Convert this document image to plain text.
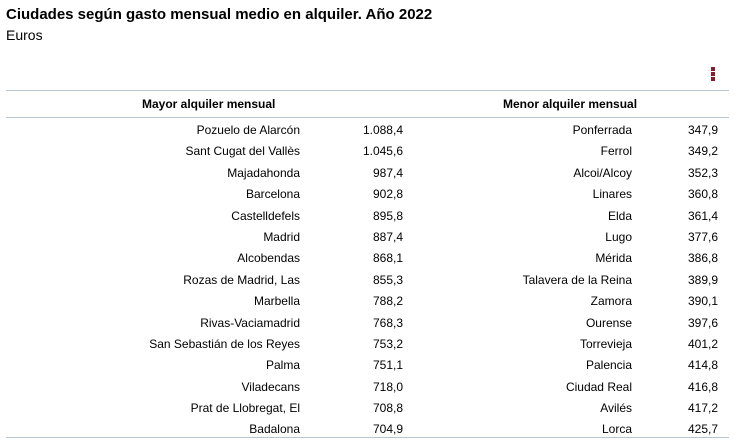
Ciudades según gasto mensual medio en alquiler. Año 2022
Euros
Mayor alquiler mensual	Menor alquiler mensual
Pozuelo de Alarcón	1.088,4	Ponferrada	347,9
Sant Cugat del Vallès	1.045,6	Ferrol	349,2
Majadahonda	987,4	Alcoi/Alcoy	352,3
Barcelona	902,8	Linares	360,8
Castelldefels	895,8	Elda	361,4
Madrid	887,4	Lugo	377,6
Alcobendas	868,1	Mérida	386,8
Rozas de Madrid, Las	855,3	Talavera de la Reina	389,9
Marbella	788,2	Zamora	390,1
Rivas-Vaciamadrid	768,3	Ourense	397,6
San Sebastián de los Reyes	753,2	Torrevieja	401,2
Palma	751,1	Palencia	414,8
Viladecans	718,0	Ciudad Real	416,8
Prat de Llobregat, El	708,8	Avilés	417,2
Badalona	704,9	Lorca	425,7
